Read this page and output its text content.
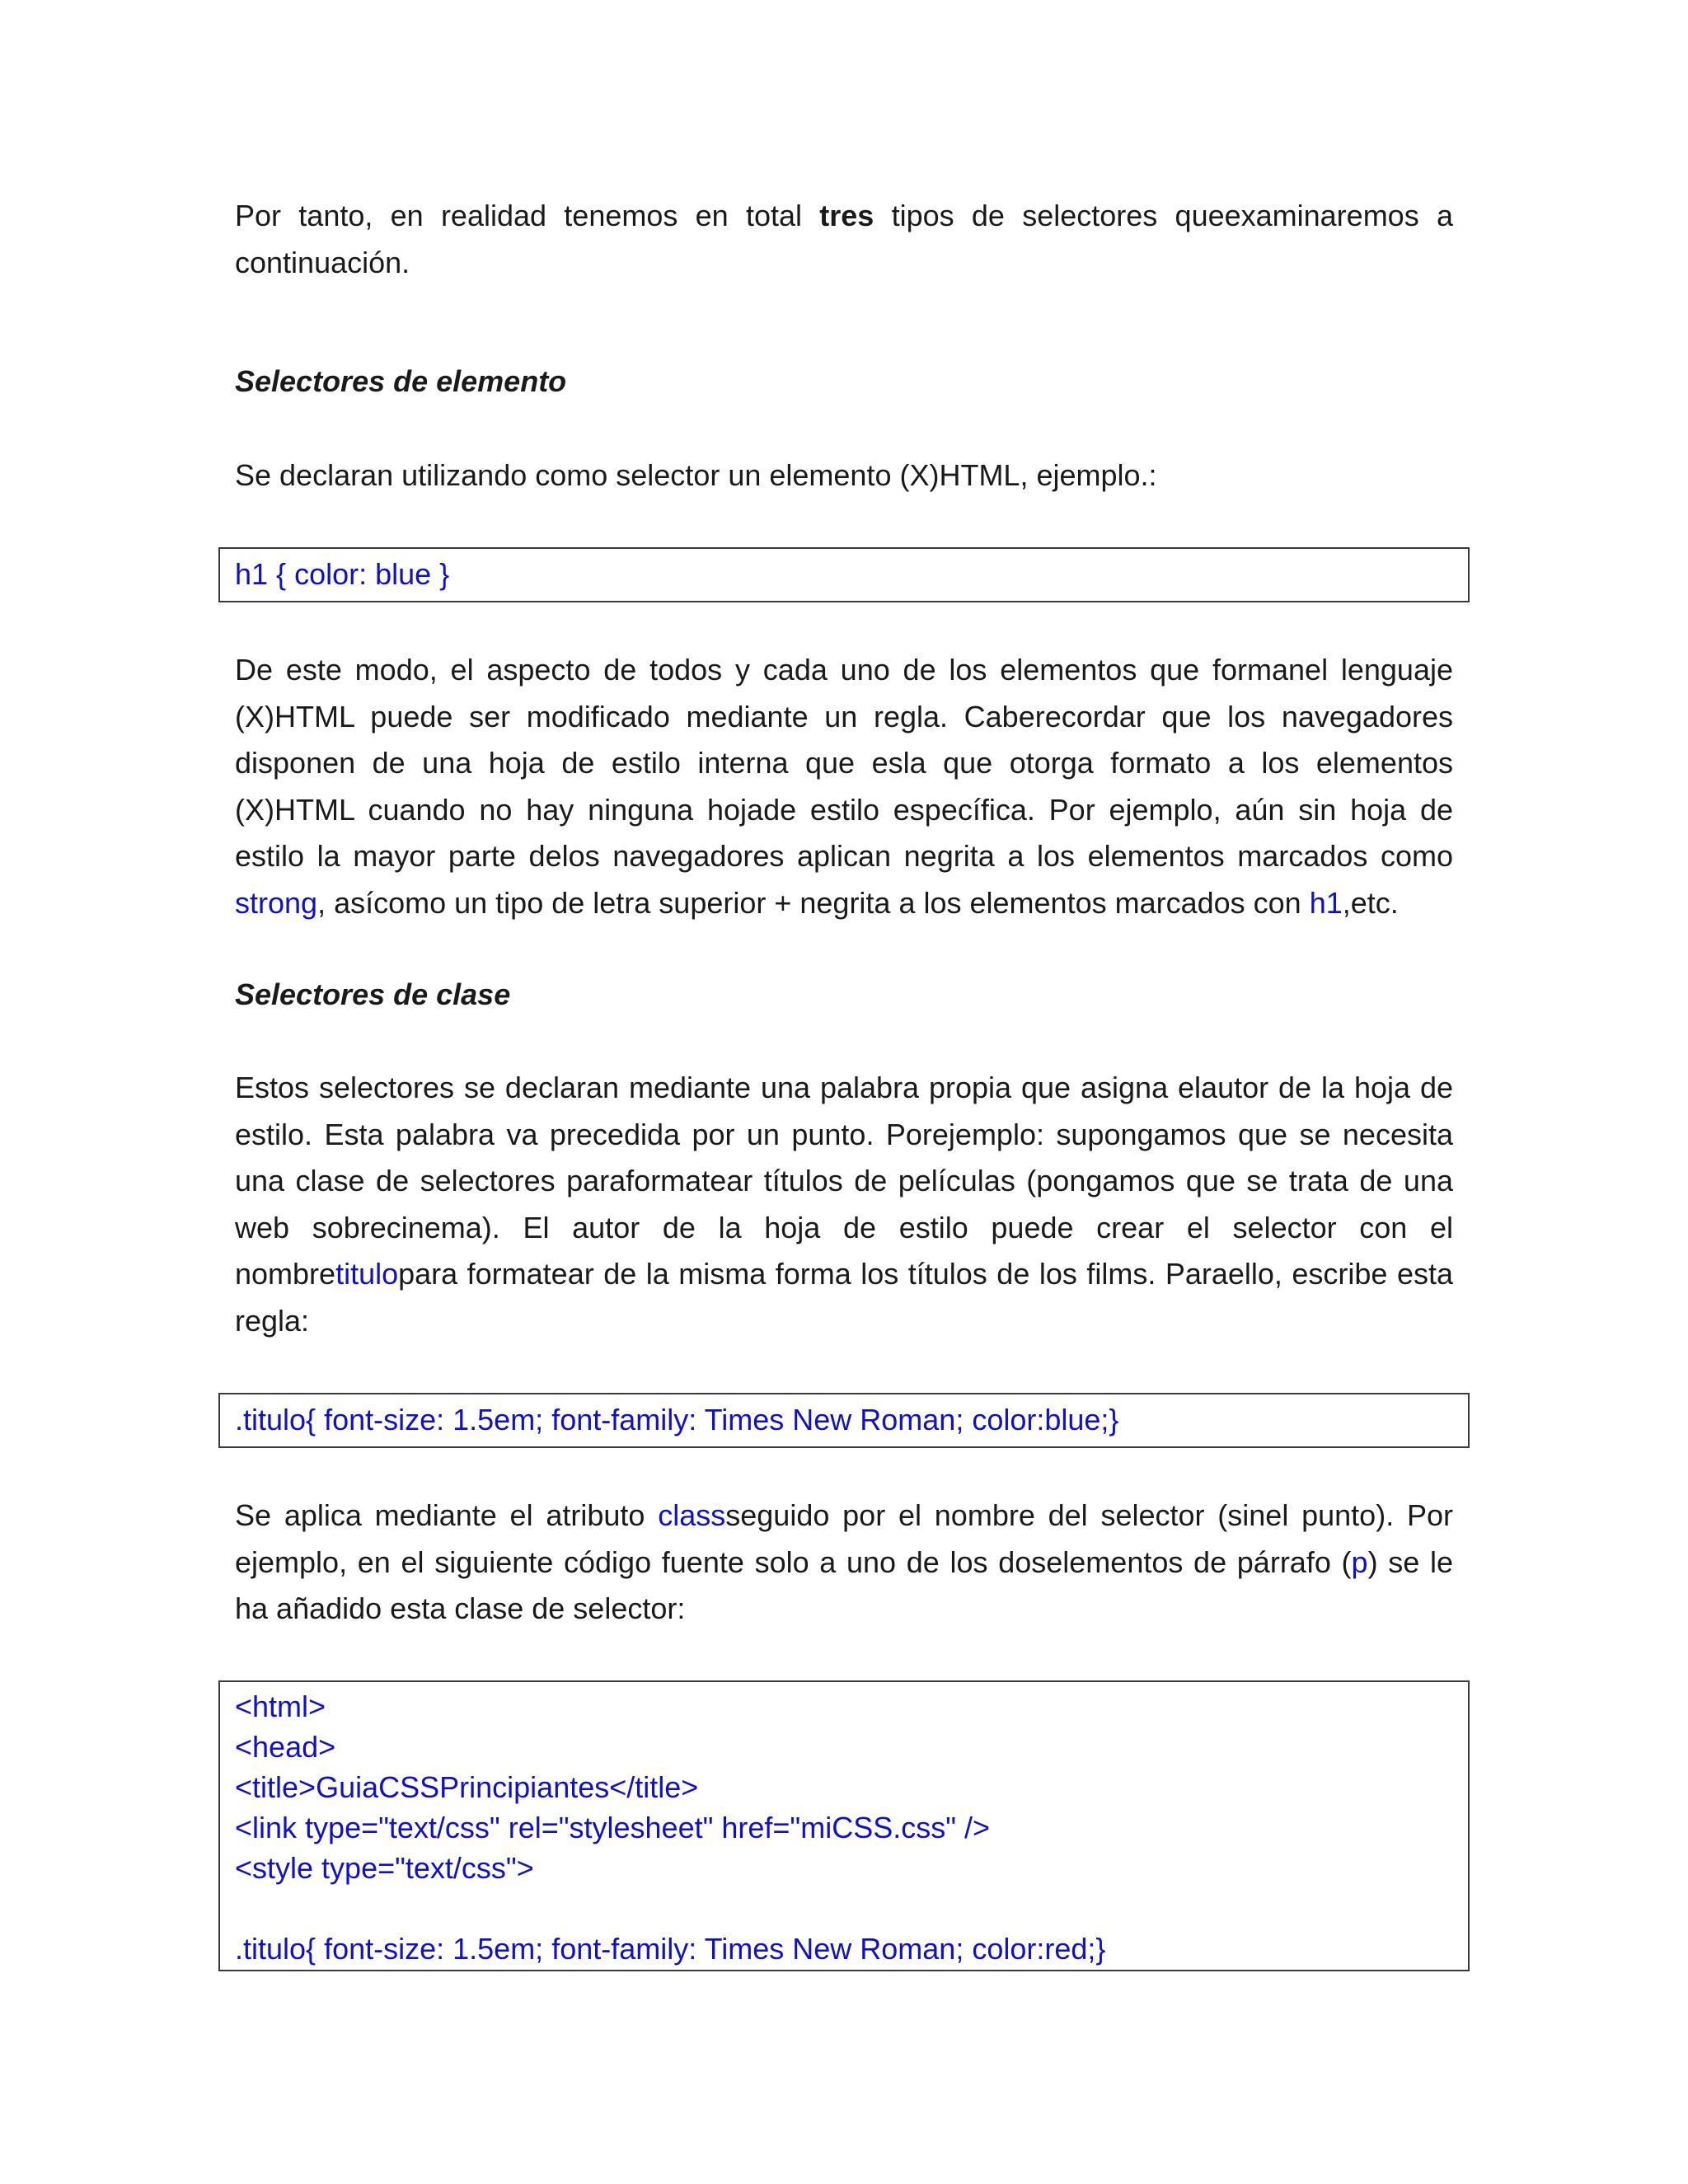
Por tanto, en realidad tenemos en total tres tipos de selectores queexaminaremos a continuación.

Selectores de elemento

Se declaran utilizando como selector un elemento (X)HTML, ejemplo.:

h1 { color: blue }

De este modo, el aspecto de todos y cada uno de los elementos que formanel lenguaje (X)HTML puede ser modificado mediante un regla. Caberecordar que los navegadores disponen de una hoja de estilo interna que esla que otorga formato a los elementos (X)HTML cuando no hay ninguna hojade estilo específica. Por ejemplo, aún sin hoja de estilo la mayor parte delos navegadores aplican negrita a los elementos marcados como strong, asícomo un tipo de letra superior + negrita a los elementos marcados con h1,etc.

Selectores de clase

Estos selectores se declaran mediante una palabra propia que asigna elautor de la hoja de estilo. Esta palabra va precedida por un punto. Porejemplo: supongamos que se necesita una clase de selectores paraformatear títulos de películas (pongamos que se trata de una web sobrecinema). El autor de la hoja de estilo puede crear el selector con el nombretitulopara formatear de la misma forma los títulos de los films. Paraello, escribe esta regla:

.titulo{ font-size: 1.5em; font-family: Times New Roman; color:blue;}

Se aplica mediante el atributo classseguido por el nombre del selector (sinel punto). Por ejemplo, en el siguiente código fuente solo a uno de los doselementos de párrafo (p) se le ha añadido esta clase de selector:

<html>
<head>
<title>GuiaCSSPrincipiantes</title>
<link type="text/css" rel="stylesheet" href="miCSS.css" />
<style type="text/css">
.titulo{ font-size: 1.5em; font-family: Times New Roman; color:red;}
